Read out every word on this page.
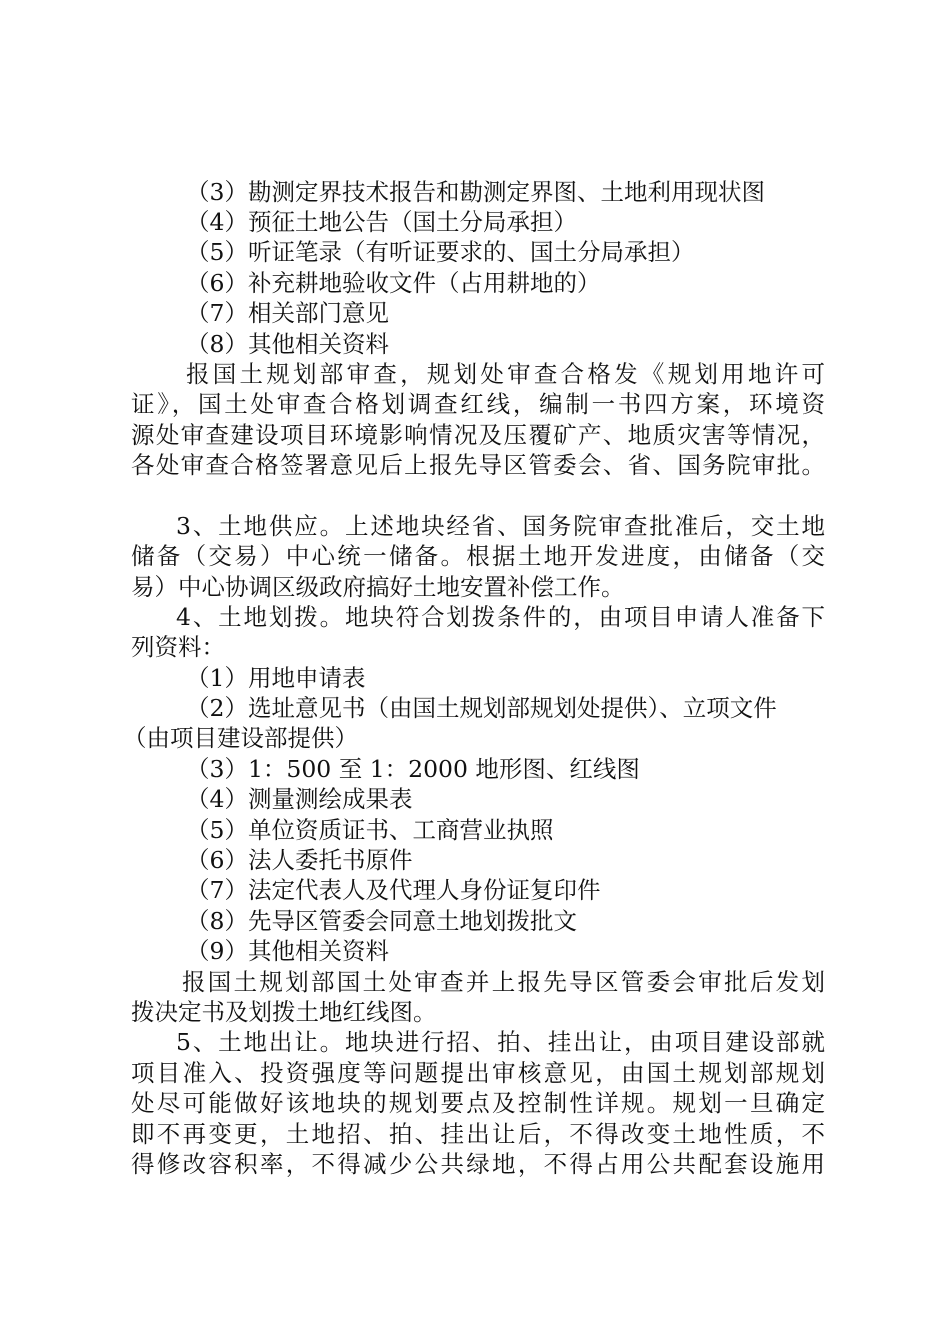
（3）勘测定界技术报告和勘测定界图、土地利用现状图
（4）预征土地公告（国土分局承担）
（5）听证笔录（有听证要求的、国土分局承担）
（6）补充耕地验收文件（占用耕地的）
（7）相关部门意见
（8）其他相关资料
报国土规划部审查，规划处审查合格发《规划用地许可
证》，国土处审查合格划调查红线，编制一书四方案，环境资
源处审查建设项目环境影响情况及压覆矿产、地质灾害等情况，
各处审查合格签署意见后上报先导区管委会、省、国务院审批。
3、土地供应。上述地块经省、国务院审查批准后，交土地
储备（交易）中心统一储备。根据土地开发进度，由储备（交
易）中心协调区级政府搞好土地安置补偿工作。
4、土地划拨。地块符合划拨条件的，由项目申请人准备下
列资料：
（1）用地申请表
（2）选址意见书（由国土规划部规划处提供）、立项文件
（由项目建设部提供）
（3）1：500 至 1：2000 地形图、红线图
（4）测量测绘成果表
（5）单位资质证书、工商营业执照
（6）法人委托书原件
（7）法定代表人及代理人身份证复印件
（8）先导区管委会同意土地划拨批文
（9）其他相关资料
报国土规划部国土处审查并上报先导区管委会审批后发划
拨决定书及划拨土地红线图。
5、土地出让。地块进行招、拍、挂出让，由项目建设部就
项目准入、投资强度等问题提出审核意见，由国土规划部规划
处尽可能做好该地块的规划要点及控制性详规。规划一旦确定
即不再变更，土地招、拍、挂出让后，不得改变土地性质，不
得修改容积率，不得减少公共绿地，不得占用公共配套设施用
